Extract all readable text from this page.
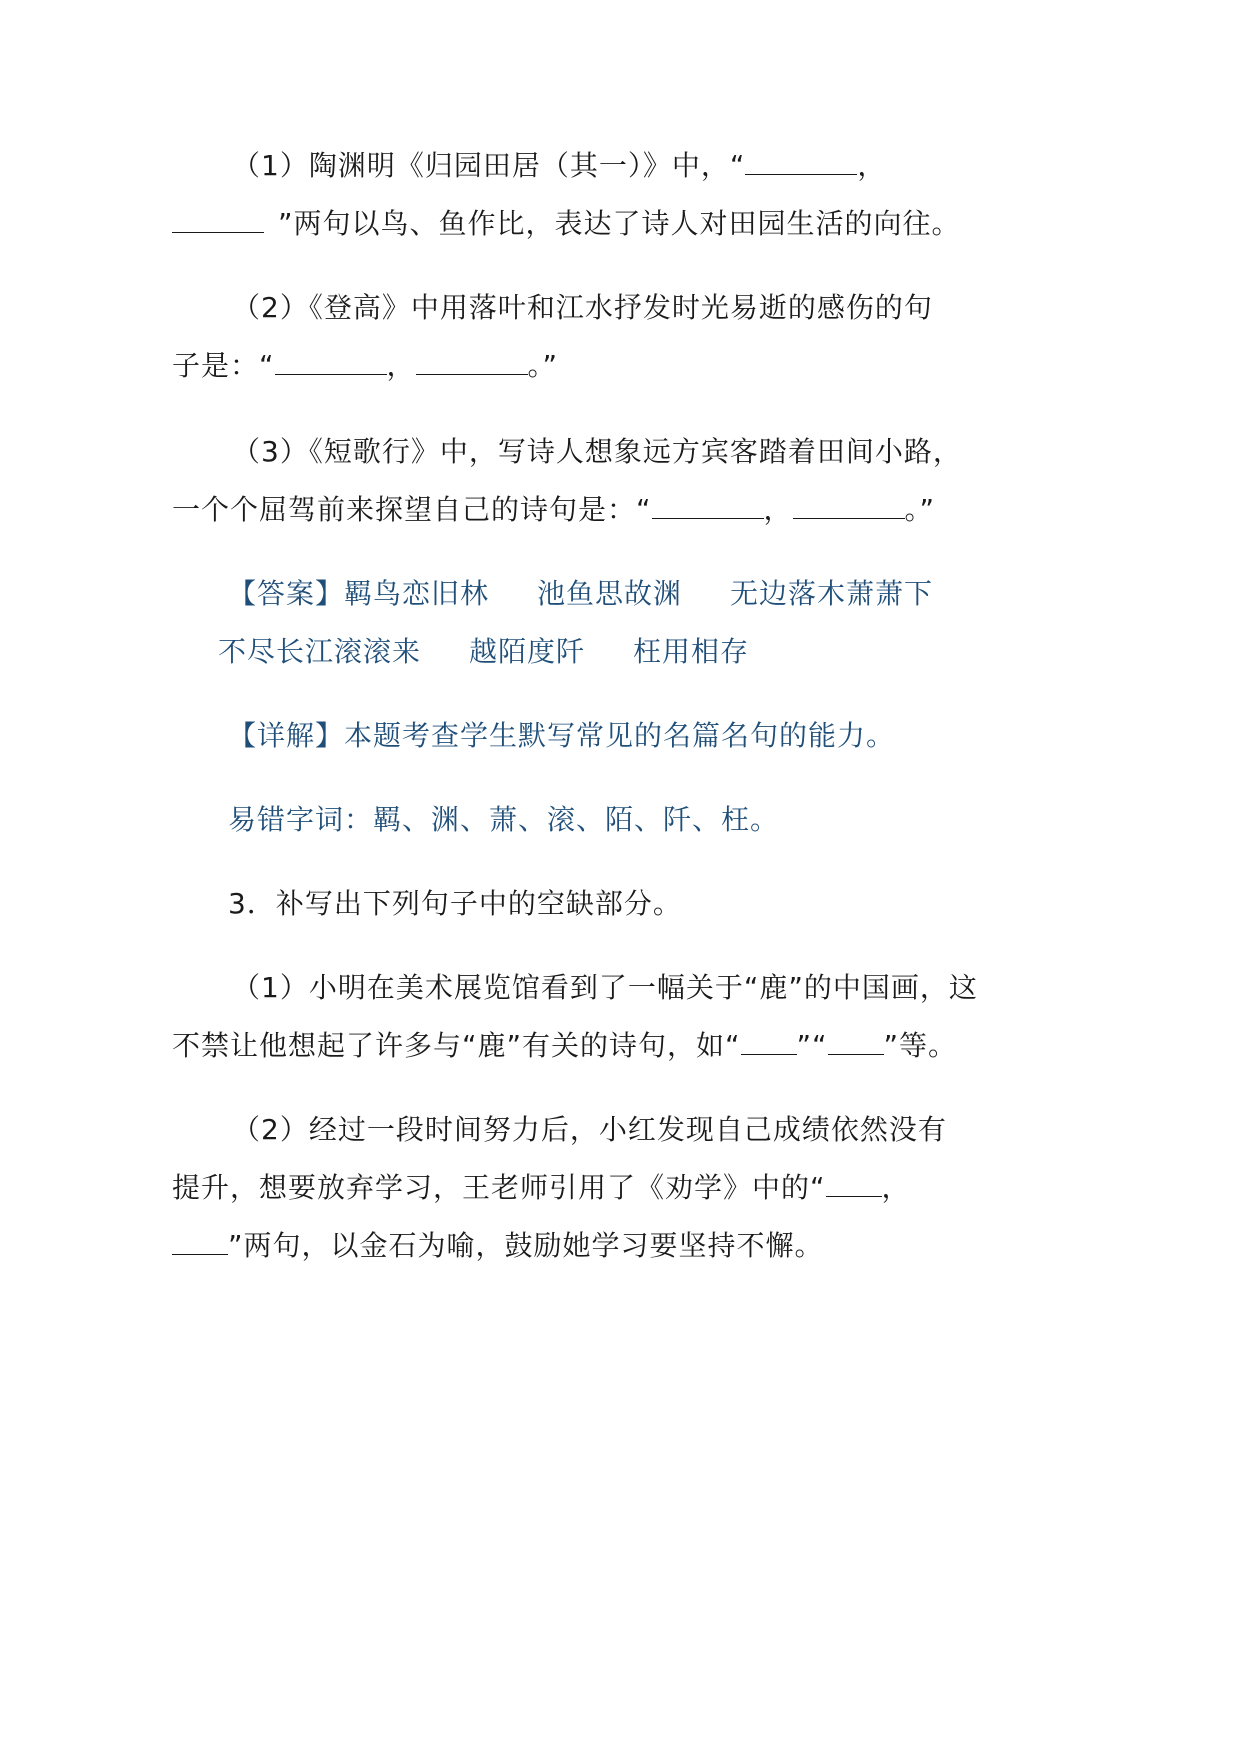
（1）陶渊明《归园田居（其一）》中，“	，
”两句以鸟、鱼作比，表达了诗人对田园生活的向往。
（2）《登高》中用落叶和江水抒发时光易逝的感伤的句
子是：“	，	。”
（3）《短歌行》中，写诗人想象远方宾客踏着田间小路，
一个个屈驾前来探望自己的诗句是：“	，	。”
【答案】羁鸟恋旧林 池鱼思故渊 无边落木萧萧下
不尽长江滚滚来 越陌度阡 枉用相存
【详解】本题考查学生默写常见的名篇名句的能力。
易错字词：羁、渊、萧、滚、陌、阡、枉。
3．补写出下列句子中的空缺部分。
（1）小明在美术展览馆看到了一幅关于“鹿”的中国画，这
不禁让他想起了许多与“鹿”有关的诗句，如“ ”“ ”等。
（2）经过一段时间努力后，小红发现自己成绩依然没有
提升，想要放弃学习，王老师引用了《劝学》中的“ ，
”两句，以金石为喻，鼓励她学习要坚持不懈。
